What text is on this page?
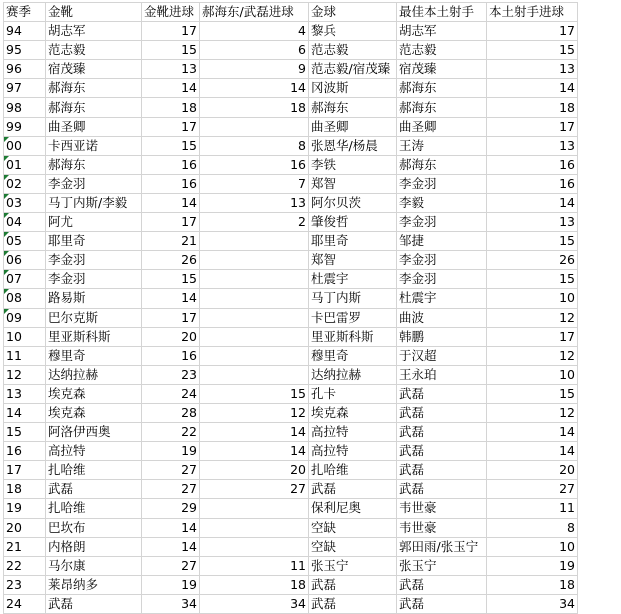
赛季	金靴	金靴进球	郝海东/武磊进球	金球	最佳本土射手	本土射手进球
94	胡志军	17	4	黎兵	胡志军	17
95	范志毅	15	6	范志毅	范志毅	15
96	宿茂臻	13	9	范志毅/宿茂臻	宿茂臻	13
97	郝海东	14	14	冈波斯	郝海东	14
98	郝海东	18	18	郝海东	郝海东	18
99	曲圣卿	17		曲圣卿	曲圣卿	17
00	卡西亚诺	15	8	张恩华/杨晨	王涛	13
01	郝海东	16	16	李铁	郝海东	16
02	李金羽	16	7	郑智	李金羽	16
03	马丁内斯/李毅	14	13	阿尔贝茨	李毅	14
04	阿尤	17	2	肇俊哲	李金羽	13
05	耶里奇	21		耶里奇	邹捷	15
06	李金羽	26		郑智	李金羽	26
07	李金羽	15		杜震宇	李金羽	15
08	路易斯	14		马丁内斯	杜震宇	10
09	巴尔克斯	17		卡巴雷罗	曲波	12
10	里亚斯科斯	20		里亚斯科斯	韩鹏	17
11	穆里奇	16		穆里奇	于汉超	12
12	达纳拉赫	23		达纳拉赫	王永珀	10
13	埃克森	24	15	孔卡	武磊	15
14	埃克森	28	12	埃克森	武磊	12
15	阿洛伊西奥	22	14	高拉特	武磊	14
16	高拉特	19	14	高拉特	武磊	14
17	扎哈维	27	20	扎哈维	武磊	20
18	武磊	27	27	武磊	武磊	27
19	扎哈维	29		保利尼奥	韦世豪	11
20	巴坎布	14		空缺	韦世豪	8
21	内格朗	14		空缺	郭田雨/张玉宁	10
22	马尔康	27	11	张玉宁	张玉宁	19
23	莱昂纳多	19	18	武磊	武磊	18
24	武磊	34	34	武磊	武磊	34
